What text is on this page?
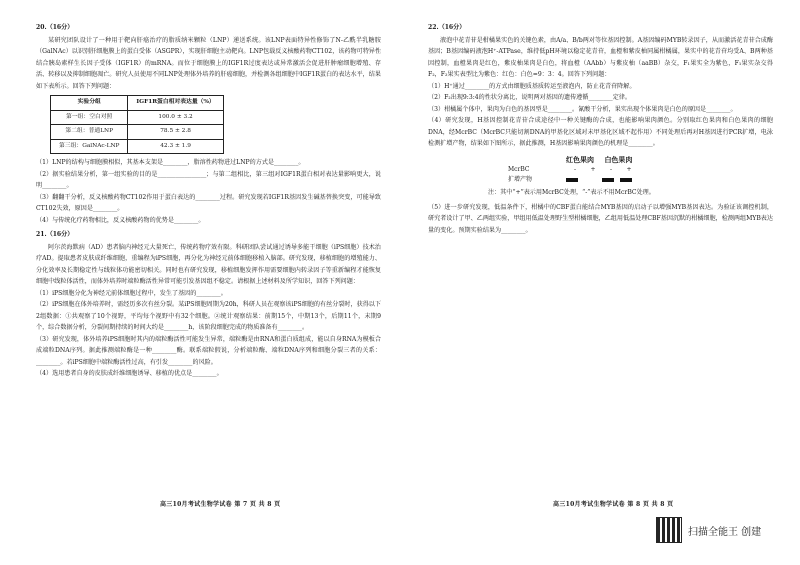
20.（16分）

某研究团队设计了一种用于靶向肝癌治疗的脂质纳米颗粒（LNP）递送系统。该LNP表面特异性修饰了N-乙酰半乳糖胺（GalNAc）以识别肝细胞膜上的蛋白受体（ASGPR），实现肝细胞主动靶向。LNP包载反义核酸药物CT102，该药物可特异性结合胰岛素样生长因子受体（IGF1R）的mRNA。而位于细胞膜上的IGF1R过度表达或异常激活会促进肝肿瘤细胞增殖、存活、转移以及抑制细胞凋亡。研究人员使用不同LNP处理体外培养的肝癌细胞，并检测各组细胞中IGF1R蛋白的表达水平，结果如下表所示。回答下列问题：

实验分组	IGF1R蛋白相对表达量（%）
第一组：空白对照	100.0 ± 3.2
第二组：普通LNP	78.5 ± 2.8
第三组：GalNAc-LNP	42.3 ± 1.9

（1）LNP的结构与细胞膜相似，其基本支架是________，脂溶性药物进过LNP的方式是________。

（2）据实验结果分析，第一组实验的目的是________________；与第二组相比，第三组对IGF1R蛋白相对表达量影响更大，说明________。

（3）翻翻干分析，反义核酸药物CT102作用于蛋白表达的________过程。研究发现若IGF1R基因发生碱基替换突变，可能导致CT102失效，原因是________。

（4）与传统化疗药物相比，反义核酸药物的优势是________。

21.（16分）

阿尔茨海默病（AD）患者脑内神经元大量死亡，传统药物疗效有限。科研团队尝试通过诱导多能干细胞（iPS细胞）技术治疗AD。提取患者皮肤成纤维细胞，重编程为iPS细胞，再分化为神经元前体细胞移植入脑部。研究发现，移植细胞的增殖能力、分化效率及长期稳定性与线粒体功能密切相关。同时也有研究发现，移植细胞发挥作用需要细胞内转录因子等重新编程才能恢复细胞中线粒体活性，而体外培养时端粒酶活性异常可能引发基因组不稳定。请根据上述材料及所学知识，回答下列问题：

（1）iPS细胞分化为神经元前体细胞过程中，发生了基因的________。

（2）iPS细胞在体外培养时，需经历多次有丝分裂。某iPS细胞周期为20h，科研人员在观察该iPS细胞的有丝分裂时，获得以下2组数据：①共观察了10个视野，平均每个视野中有32个细胞。②统计观察结果：前期15个，中期13个，后期11个，末期9个，综合数据分析，分裂间期持续的时间大约是________h，该阶段细胞完成的物质准备有________。

（3）研究发现，体外培养iPS细胞时其内的端粒酶活性可能发生异常，端粒酶是由RNA和蛋白质组成，能以自身RNA为模板合成端粒DNA序列。据此推测端粒酶是一种________酶。联系端粒假说，分析端粒酶、端粒DNA序列和细胞分裂三者的关系：________。若iPS细胞中端粒酶活性过高，有引发________的风险。

（4）选用患者自身的皮肤成纤维细胞诱导、移植的优点是________。

高三10月考试生物学试卷 第 7 页 共 8 页
22.（16分）

液泡中花青苷是柑橘果实色的关键色素，由A/a、B/b两对等位基因控制。A基因编码MYB转录因子，从而激活花青苷合成酶基因；B基因编码液泡H⁺-ATPase，维持低pH环境以稳定花青苷，血橙和紫皮柚同属柑橘属，果实中的花青苷均受A、B两种基因控制，血橙果肉是红色，紫皮柚果肉是白色，将血橙（AAbb）与紫皮柚（aaBB）杂交，F₁果实全为紫色，F₁果实杂交得F₂，F₂果实表型比为紫色：红色：白色=9：3：4。回答下列问题：

（1）H⁺通过________的方式由细胞质基质转运至液泡内，防止花青苷降解。

（2）F₂出现9:3:4的性状分离比，说明两对基因的遗传遵循________定律。

（3）柑橘属个体中，果肉为白色的基因型是________。氰酸干分析，果实出现个体果肉是白色的原因是________。

（4）研究发现，H基因控制花青苷合成途径中一种关键酶的合成，也能影响果肉颜色。分别取红色果肉和白色果肉的细胞DNA，经McrBC（McrBC只能切割DNA的甲基化区域对未甲基化区域不起作用）不同处理后再对H基因进行PCR扩增，电泳检测扩增产物，结果如下图所示，据此推测，H基因影响果肉颜色的机理是________。

红色果肉 白色果肉
McrBC	-	+	-	+
扩增产物

注：其中“+”表示用McrBC处理，“-”表示不用McrBC处理。

（5）进一步研究发现，低温条件下，柑橘中的CBF蛋白能结合MYB基因的启动子以增强MYB基因表达。为验证该调控机制，研究者设计了甲、乙两组实验，甲组用低温处理野生型柑橘细胞，乙组用低温处理CBF基因沉默的柑橘细胞，检测两组MYB表达量的变化。预期实验结果为________。

高三10月考试生物学试卷 第 8 页 共 8 页
扫描全能王 创建
